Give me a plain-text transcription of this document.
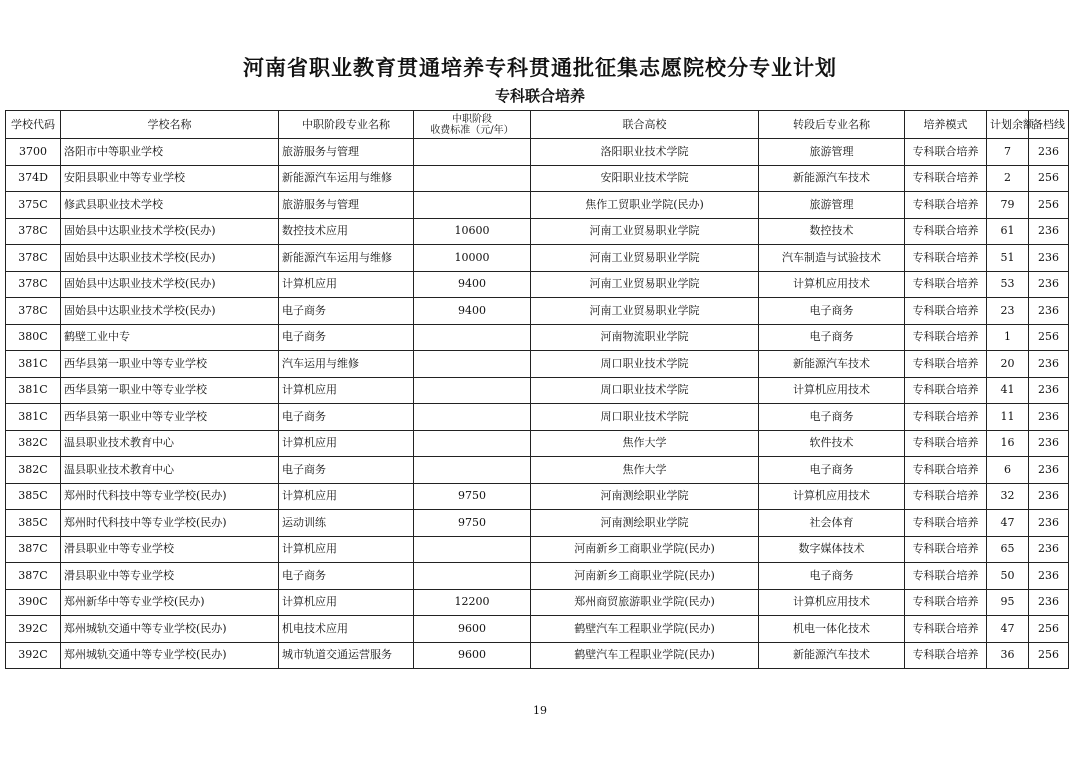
河南省职业教育贯通培养专科贯通批征集志愿院校分专业计划
专科联合培养
学校代码	学校名称	中职阶段专业名称	中职阶段
收费标准（元/年）	联合高校	转段后专业名称	培养模式	计划余额	备档线
3700	洛阳市中等职业学校	旅游服务与管理		洛阳职业技术学院	旅游管理	专科联合培养	7	236
374D	安阳县职业中等专业学校	新能源汽车运用与维修		安阳职业技术学院	新能源汽车技术	专科联合培养	2	256
375C	修武县职业技术学校	旅游服务与管理		焦作工贸职业学院(民办)	旅游管理	专科联合培养	79	256
378C	固始县中达职业技术学校(民办)	数控技术应用	10600	河南工业贸易职业学院	数控技术	专科联合培养	61	236
378C	固始县中达职业技术学校(民办)	新能源汽车运用与维修	10000	河南工业贸易职业学院	汽车制造与试验技术	专科联合培养	51	236
378C	固始县中达职业技术学校(民办)	计算机应用	9400	河南工业贸易职业学院	计算机应用技术	专科联合培养	53	236
378C	固始县中达职业技术学校(民办)	电子商务	9400	河南工业贸易职业学院	电子商务	专科联合培养	23	236
380C	鹤壁工业中专	电子商务		河南物流职业学院	电子商务	专科联合培养	1	256
381C	西华县第一职业中等专业学校	汽车运用与维修		周口职业技术学院	新能源汽车技术	专科联合培养	20	236
381C	西华县第一职业中等专业学校	计算机应用		周口职业技术学院	计算机应用技术	专科联合培养	41	236
381C	西华县第一职业中等专业学校	电子商务		周口职业技术学院	电子商务	专科联合培养	11	236
382C	温县职业技术教育中心	计算机应用		焦作大学	软件技术	专科联合培养	16	236
382C	温县职业技术教育中心	电子商务		焦作大学	电子商务	专科联合培养	6	236
385C	郑州时代科技中等专业学校(民办)	计算机应用	9750	河南测绘职业学院	计算机应用技术	专科联合培养	32	236
385C	郑州时代科技中等专业学校(民办)	运动训练	9750	河南测绘职业学院	社会体育	专科联合培养	47	236
387C	滑县职业中等专业学校	计算机应用		河南新乡工商职业学院(民办)	数字媒体技术	专科联合培养	65	236
387C	滑县职业中等专业学校	电子商务		河南新乡工商职业学院(民办)	电子商务	专科联合培养	50	236
390C	郑州新华中等专业学校(民办)	计算机应用	12200	郑州商贸旅游职业学院(民办)	计算机应用技术	专科联合培养	95	236
392C	郑州城轨交通中等专业学校(民办)	机电技术应用	9600	鹤壁汽车工程职业学院(民办)	机电一体化技术	专科联合培养	47	256
392C	郑州城轨交通中等专业学校(民办)	城市轨道交通运营服务	9600	鹤壁汽车工程职业学院(民办)	新能源汽车技术	专科联合培养	36	256
19
